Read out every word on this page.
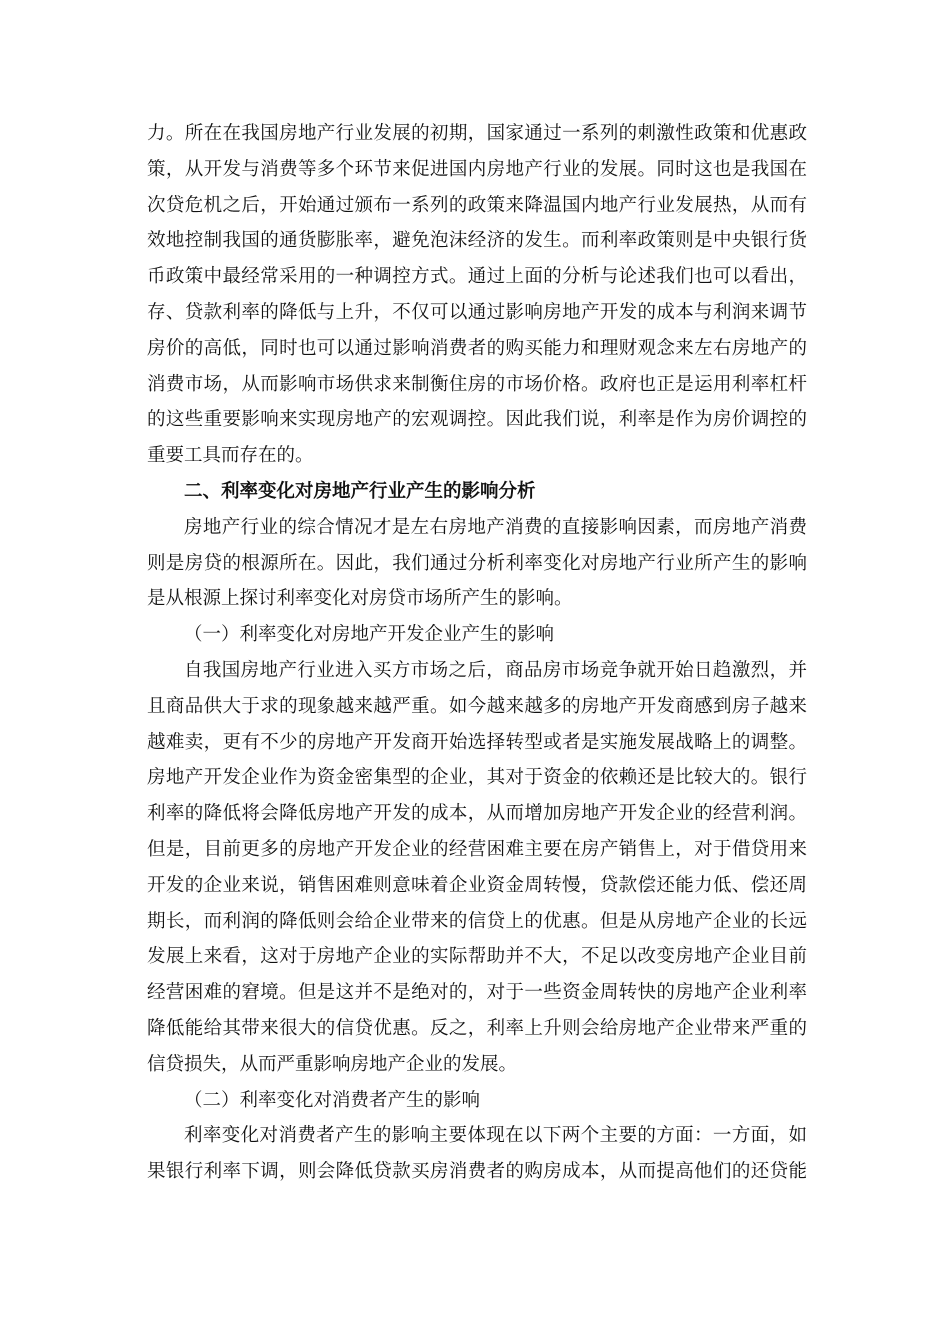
力。所在在我国房地产行业发展的初期，国家通过一系列的刺激性政策和优惠政
策，从开发与消费等多个环节来促进国内房地产行业的发展。同时这也是我国在
次贷危机之后，开始通过颁布一系列的政策来降温国内地产行业发展热，从而有
效地控制我国的通货膨胀率，避免泡沫经济的发生。而利率政策则是中央银行货
币政策中最经常采用的一种调控方式。通过上面的分析与论述我们也可以看出，
存、贷款利率的降低与上升，不仅可以通过影响房地产开发的成本与利润来调节
房价的高低，同时也可以通过影响消费者的购买能力和理财观念来左右房地产的
消费市场，从而影响市场供求来制衡住房的市场价格。政府也正是运用利率杠杆
的这些重要影响来实现房地产的宏观调控。因此我们说，利率是作为房价调控的
重要工具而存在的。
二、利率变化对房地产行业产生的影响分析
房地产行业的综合情况才是左右房地产消费的直接影响因素，而房地产消费
则是房贷的根源所在。因此，我们通过分析利率变化对房地产行业所产生的影响
是从根源上探讨利率变化对房贷市场所产生的影响。
（一）利率变化对房地产开发企业产生的影响
自我国房地产行业进入买方市场之后，商品房市场竞争就开始日趋激烈，并
且商品供大于求的现象越来越严重。如今越来越多的房地产开发商感到房子越来
越难卖，更有不少的房地产开发商开始选择转型或者是实施发展战略上的调整。
房地产开发企业作为资金密集型的企业，其对于资金的依赖还是比较大的。银行
利率的降低将会降低房地产开发的成本，从而增加房地产开发企业的经营利润。
但是，目前更多的房地产开发企业的经营困难主要在房产销售上，对于借贷用来
开发的企业来说，销售困难则意味着企业资金周转慢，贷款偿还能力低、偿还周
期长，而利润的降低则会给企业带来的信贷上的优惠。但是从房地产企业的长远
发展上来看，这对于房地产企业的实际帮助并不大，不足以改变房地产企业目前
经营困难的窘境。但是这并不是绝对的，对于一些资金周转快的房地产企业利率
降低能给其带来很大的信贷优惠。反之，利率上升则会给房地产企业带来严重的
信贷损失，从而严重影响房地产企业的发展。
（二）利率变化对消费者产生的影响
利率变化对消费者产生的影响主要体现在以下两个主要的方面：一方面，如
果银行利率下调，则会降低贷款买房消费者的购房成本，从而提高他们的还贷能
